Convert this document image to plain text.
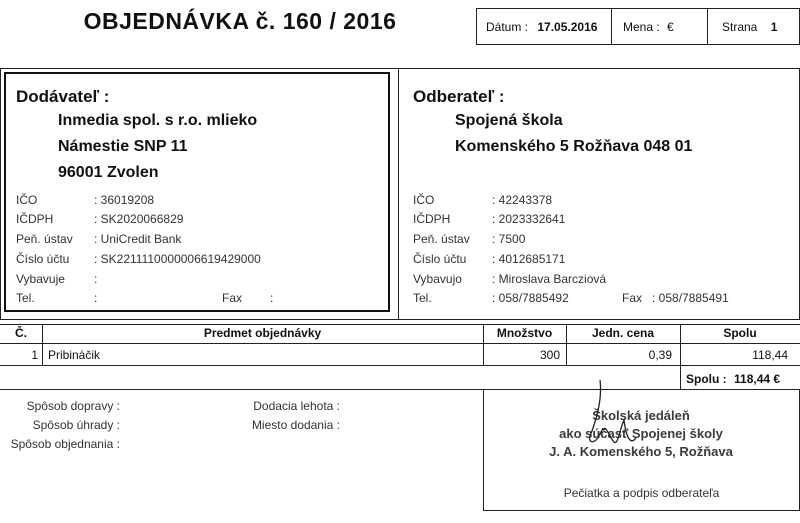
OBJEDNÁVKA č. 160 / 2016	Dátum : 17.05.2016 Mena : €	Strana 1
Dodávateľ :
Inmedia spol. s r.o. mlieko
Námestie SNP 11
96001 Zvolen
IČO	: 36019208
IČDPH	: SK2020066829
Peň. ústav : UniCredit Bank
Číslo účtu : SK2211110000006619429000
Vybavuje :
Tel.	:	Fax :
Odberateľ :
Spojená škola
Komenského 5 Rožňava 048 01
IČO	: 42243378
IČDPH	: 2023332641
Peň. ústav : 7500
Číslo účtu : 4012685171
Vybavujo	: Miroslava Barcziová
Tel.	: 058/7885492	Fax : 058/7885491
Č.	Predmet objednávky	Množstvo	Jedn. cena	Spolu
1 Pribináčik	300	0,39	118,44
Spolu : 118,44 €
Spôsob dopravy :
Spôsob úhrady :
Spôsob objednania :
Dodacia lehota :
Miesto dodania :
Školská jedáleň
ako súčasť Spojenej školy
J. A. Komenského 5, Rožňava
Pečiatka a podpis odberateľa
